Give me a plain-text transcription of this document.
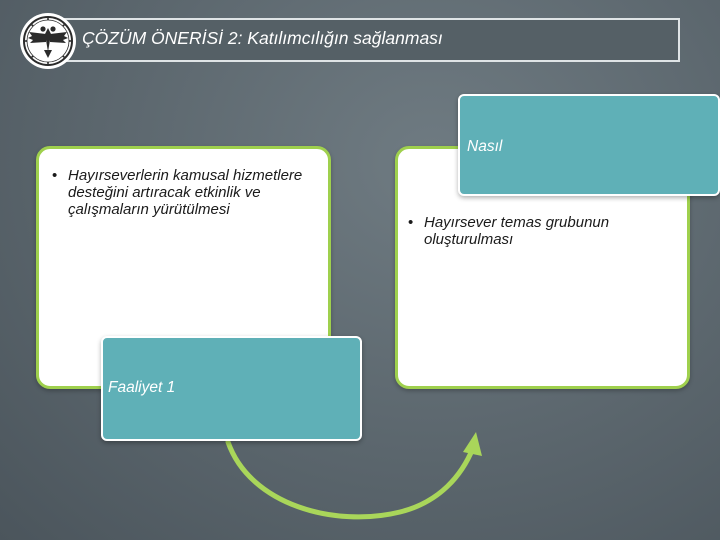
ÇÖZÜM ÖNERİSİ 2: Katılımcılığın sağlanması
• Hayırseverlerin kamusal hizmetlere desteğini artıracak etkinlik ve çalışmaların yürütülmesi
• Hayırsever temas grubunun oluşturulması
Faaliyet 1
Nasıl
